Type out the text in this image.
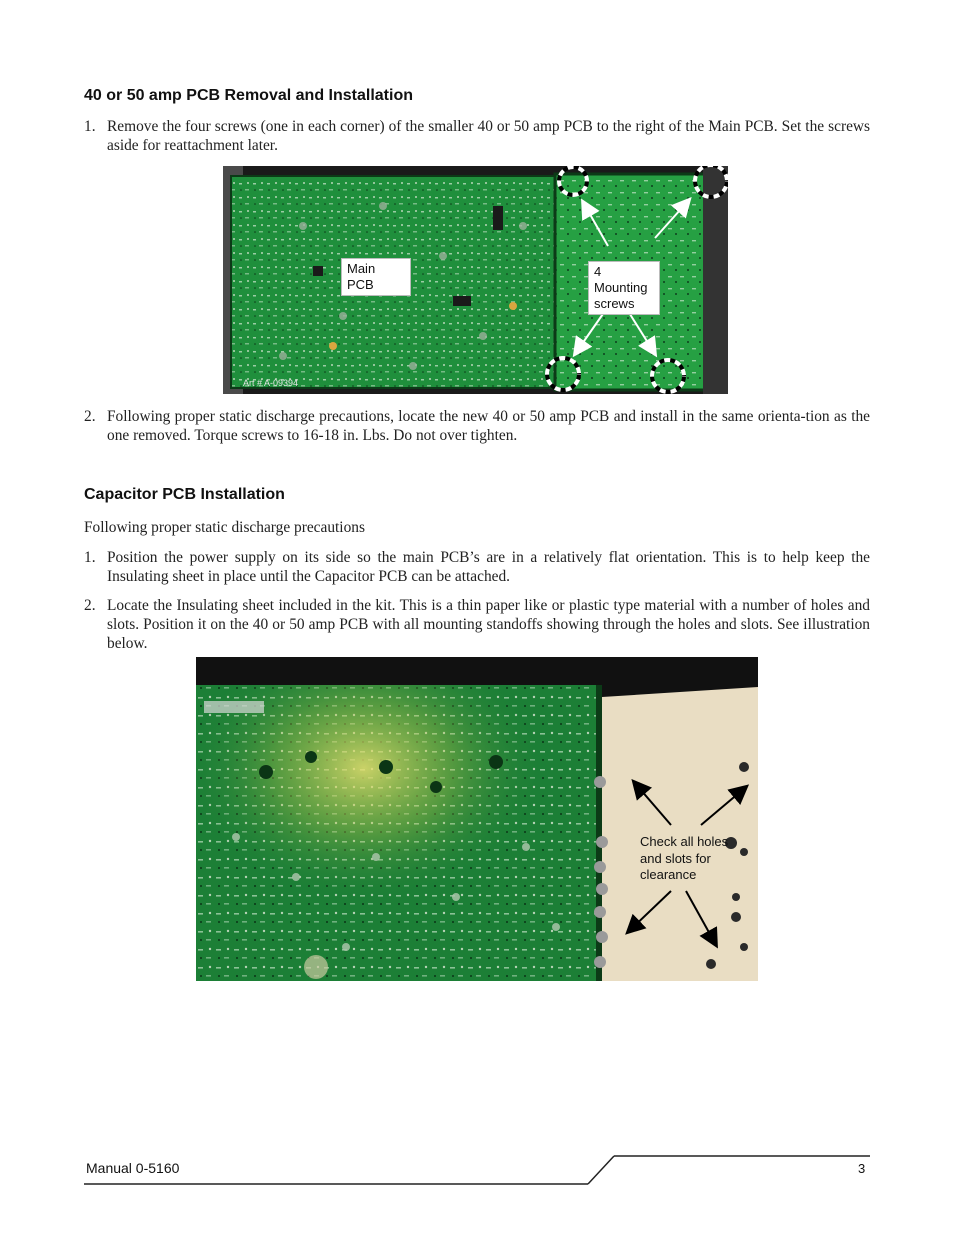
40 or 50 amp PCB Removal and Installation
1. Remove the four screws (one in each corner) of the smaller 40 or 50 amp PCB to the right of the Main PCB. Set the screws aside for reattachment later.
Main PCB
4 Mounting
screws
Art # A-09394
2. Following proper static discharge precautions, locate the new 40 or 50 amp PCB and install in the same orienta-tion as the one removed. Torque screws to 16-18 in. Lbs. Do not over tighten.
Capacitor PCB Installation
Following proper static discharge precautions
1. Position the power supply on its side so the main PCB’s are in a relatively flat orientation. This is to help keep the Insulating sheet in place until the Capacitor PCB can be attached.
2. Locate the Insulating sheet included in the kit. This is a thin paper like or plastic type material with a number of holes and slots. Position it on the 40 or 50 amp PCB with all mounting standoffs showing through the holes and slots. See illustration below.
Check all holes
and slots for
clearance
Manual 0-5160	3
